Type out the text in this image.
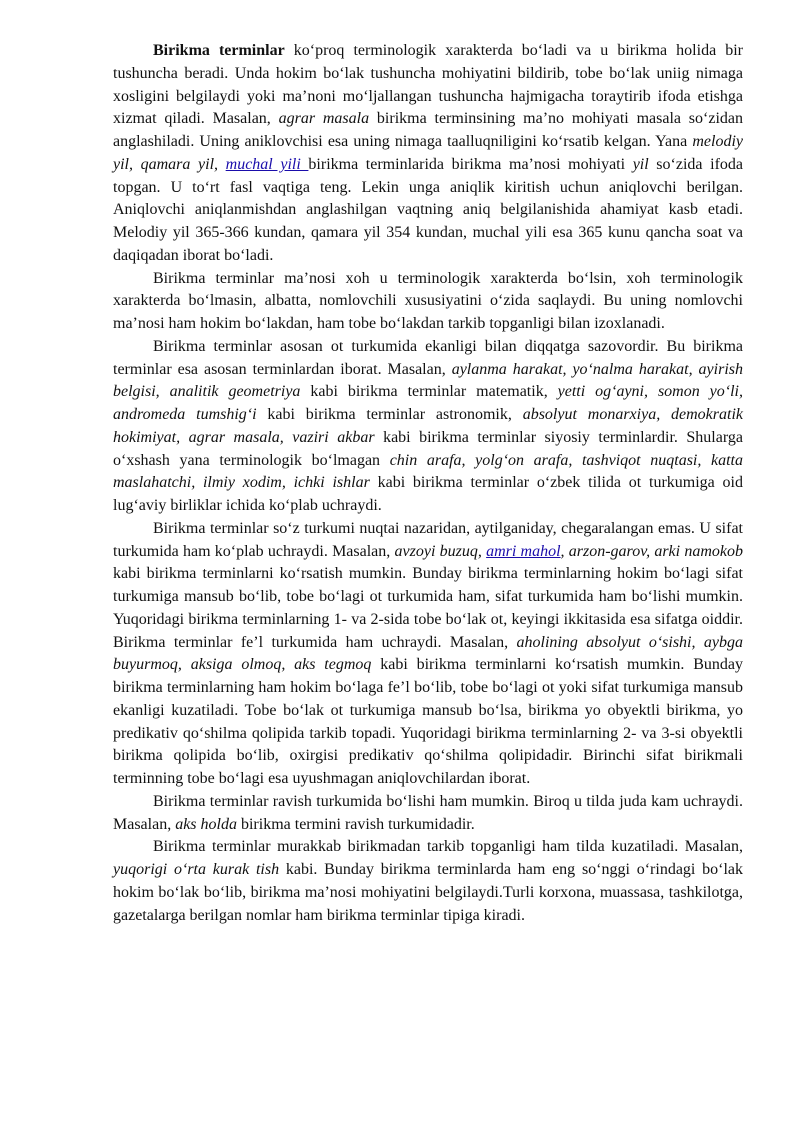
Birikma terminlar ko‘proq terminologik xarakterda bo‘ladi va u birikma holida bir tushuncha beradi. Unda hokim bo‘lak tushuncha mohiyatini bildirib, tobe bo‘lak uniig nimaga xosligini belgilaydi yoki ma’noni mo‘ljallangan tushuncha hajmigacha toraytirib ifoda etishga xizmat qiladi. Masalan, agrar masala birikma terminsining ma’no mohiyati masala so‘zidan anglashiladi. Uning aniklovchisi esa uning nimaga taalluqniligini ko‘rsatib kelgan. Yana melodiy yil, qamara yil, muchal yili birikma terminlarida birikma ma’nosi mohiyati yil so‘zida ifoda topgan. U to‘rt fasl vaqtiga teng. Lekin unga aniqlik kiritish uchun aniqlovchi berilgan. Aniqlovchi aniqlanmishdan anglashilgan vaqtning aniq belgilanishida ahamiyat kasb etadi. Melodiy yil 365-366 kundan, qamara yil 354 kundan, muchal yili esa 365 kunu qancha soat va daqiqadan iborat bo‘ladi.

Birikma terminlar ma’nosi xoh u terminologik xarakterda bo‘lsin, xoh terminologik xarakterda bo‘lmasin, albatta, nomlovchili xususiyatini o‘zida saqlaydi. Bu uning nomlovchi ma’nosi ham hokim bo‘lakdan, ham tobe bo‘lakdan tarkib topganligi bilan izoxlanadi.

Birikma terminlar asosan ot turkumida ekanligi bilan diqqatga sazovordir. Bu birikma terminlar esa asosan terminlardan iborat. Masalan, aylanma harakat, yo‘nalma harakat, ayirish belgisi, analitik geometriya kabi birikma terminlar matematik, yetti og‘ayni, somon yo‘li, andromeda tumshig‘i kabi birikma terminlar astronomik, absolyut monarxiya, demokratik hokimiyat, agrar masala, vaziri akbar kabi birikma terminlar siyosiy terminlardir. Shularga o‘xshash yana terminologik bo‘lmagan chin arafa, yolg‘on arafa, tashviqot nuqtasi, katta maslahatchi, ilmiy xodim, ichki ishlar kabi birikma terminlar o‘zbek tilida ot turkumiga oid lug‘aviy birliklar ichida ko‘plab uchraydi.

Birikma terminlar so‘z turkumi nuqtai nazaridan, aytilganiday, chegaralangan emas. U sifat turkumida ham ko‘plab uchraydi. Masalan, avzoyi buzuq, amri mahol, arzon-garov, arki namokob kabi birikma terminlarni ko‘rsatish mumkin. Bunday birikma terminlarning hokim bo‘lagi sifat turkumiga mansub bo‘lib, tobe bo‘lagi ot turkumida ham, sifat turkumida ham bo‘lishi mumkin. Yuqoridagi birikma terminlarning 1- va 2-sida tobe bo‘lak ot, keyingi ikkitasida esa sifatga oiddir. Birikma terminlar fe’l turkumida ham uchraydi. Masalan, aholining absolyut o‘sishi, aybga buyurmoq, aksiga olmoq, aks tegmoq kabi birikma terminlarni ko‘rsatish mumkin. Bunday birikma terminlarning ham hokim bo‘laga fe’l bo‘lib, tobe bo‘lagi ot yoki sifat turkumiga mansub ekanligi kuzatiladi. Tobe bo‘lak ot turkumiga mansub bo‘lsa, birikma yo obyektli birikma, yo predikativ qo‘shilma qolipida tarkib topadi. Yuqoridagi birikma terminlarning 2- va 3-si obyektli birikma qolipida bo‘lib, oxirgisi predikativ qo‘shilma qolipidadir. Birinchi sifat birikmali terminning tobe bo‘lagi esa uyushmagan aniqlovchilardan iborat.

Birikma terminlar ravish turkumida bo‘lishi ham mumkin. Biroq u tilda juda kam uchraydi. Masalan, aks holda birikma termini ravish turkumidadir.

Birikma terminlar murakkab birikmadan tarkib topganligi ham tilda kuzatiladi. Masalan, yuqorigi o‘rta kurak tish kabi. Bunday birikma terminlarda ham eng so‘nggi o‘rindagi bo‘lak hokim bo‘lak bo‘lib, birikma ma’nosi mohiyatini belgilaydi.Turli korxona, muassasa, tashkilotga, gazetalarga berilgan nomlar ham birikma terminlar tipiga kiradi.
